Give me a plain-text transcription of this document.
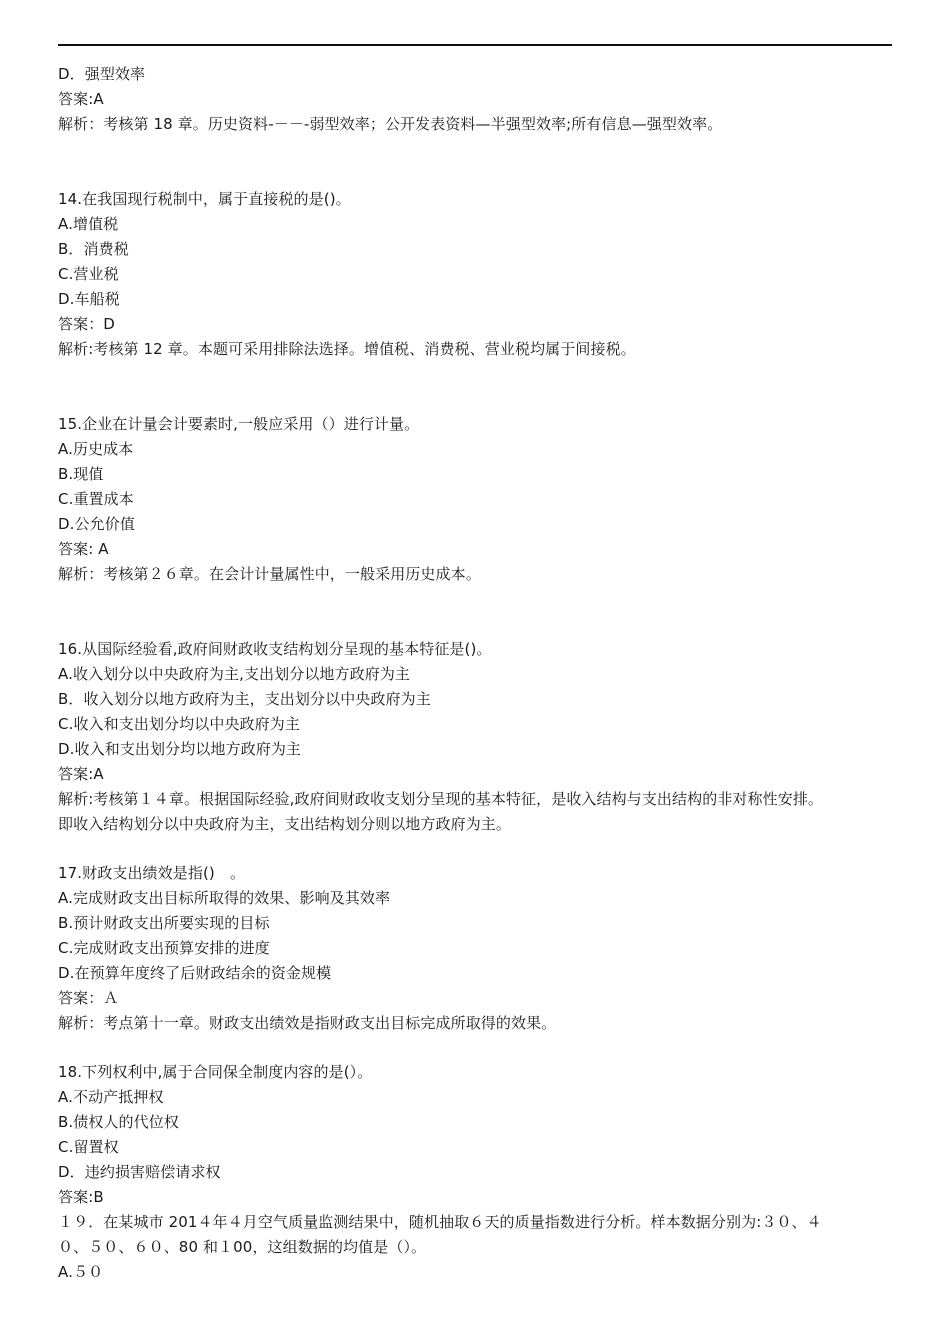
D．强型效率
答案:A
解析：考核第 18 章。历史资料-－－-弱型效率；公开发表资料—半强型效率;所有信息—强型效率。
14.在我国现行税制中，属于直接税的是()。
A.增值税
B．消费税
C.营业税
D.车船税
答案：D
解析:考核第 12 章。本题可采用排除法选择。增值税、消费税、营业税均属于间接税。
15.企业在计量会计要素时,一般应采用（）进行计量。
A.历史成本
B.现值
C.重置成本
D.公允价值
答案: A
解析：考核第２６章。在会计计量属性中，一般采用历史成本。
16.从国际经验看,政府间财政收支结构划分呈现的基本特征是()。
A.收入划分以中央政府为主,支出划分以地方政府为主
B．收入划分以地方政府为主，支出划分以中央政府为主
C.收入和支出划分均以中央政府为主
D.收入和支出划分均以地方政府为主
答案:A
解析:考核第１４章。根据国际经验,政府间财政收支划分呈现的基本特征，是收入结构与支出结构的非对称性安排。
即收入结构划分以中央政府为主，支出结构划分则以地方政府为主。
17.财政支出绩效是指()　。
A.完成财政支出目标所取得的效果、影响及其效率
B.预计财政支出所要实现的目标
C.完成财政支出预算安排的进度
D.在预算年度终了后财政结余的资金规模
答案：Ａ
解析：考点第十一章。财政支出绩效是指财政支出目标完成所取得的效果。
18.下列权利中,属于合同保全制度内容的是(）。
A.不动产抵押权
B.债权人的代位权
C.留置权
D．违约损害赔偿请求权
答案:B
１９．在某城市 201４年４月空气质量监测结果中，随机抽取６天的质量指数进行分析。样本数据分别为:３０、４
０、５０、６０、80 和１00，这组数据的均值是（）。
A.５０
